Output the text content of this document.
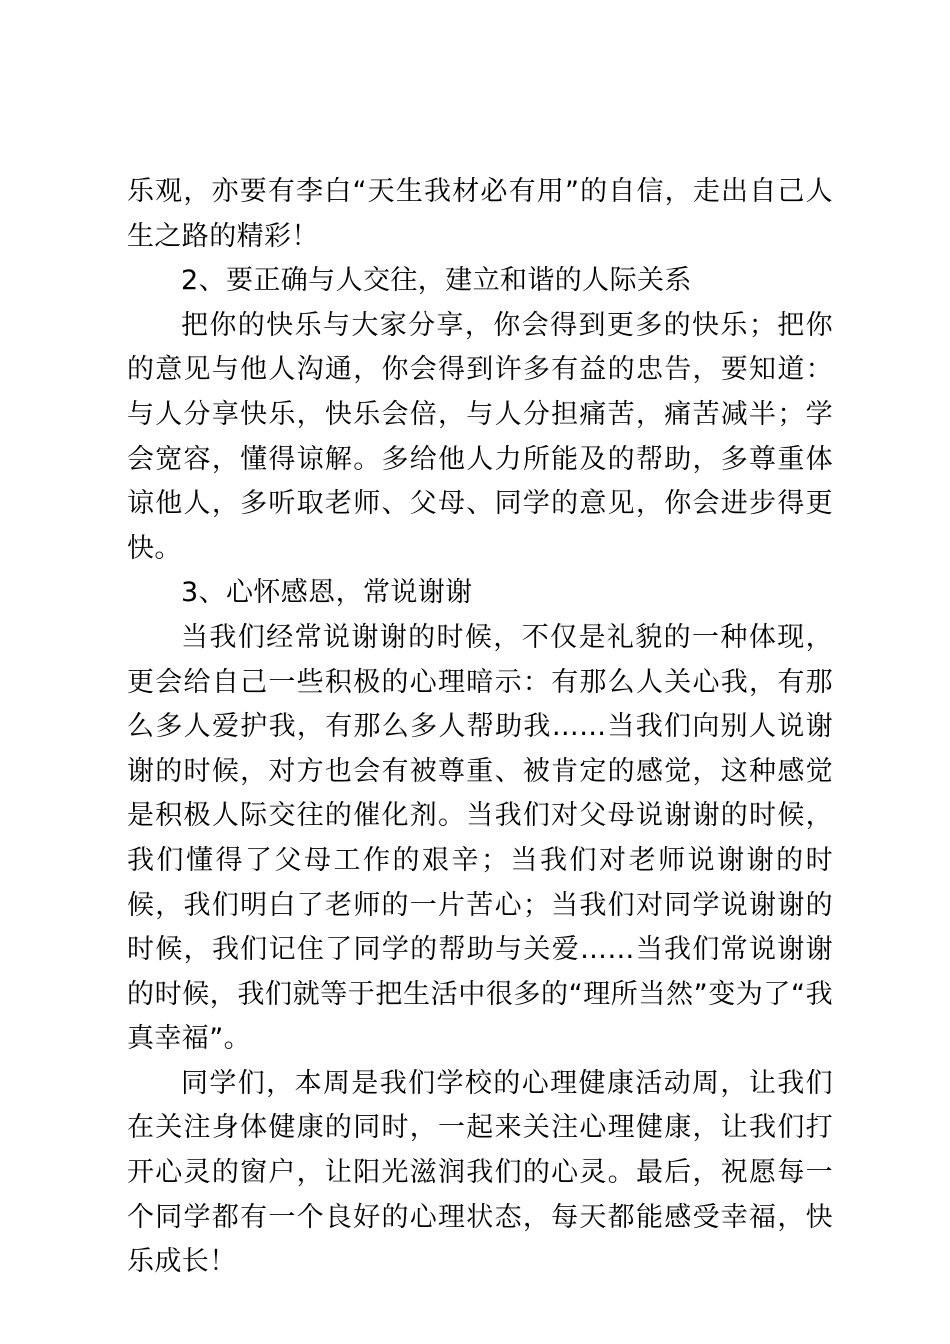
乐观，亦要有李白“天生我材必有用”的自信，走出自己人生之路的精彩！

2、要正确与人交往，建立和谐的人际关系

把你的快乐与大家分享，你会得到更多的快乐；把你的意见与他人沟通，你会得到许多有益的忠告，要知道：与人分享快乐，快乐会倍，与人分担痛苦，痛苦减半；学会宽容，懂得谅解。多给他人力所能及的帮助，多尊重体谅他人，多听取老师、父母、同学的意见，你会进步得更快。

3、心怀感恩，常说谢谢

当我们经常说谢谢的时候，不仅是礼貌的一种体现，更会给自己一些积极的心理暗示：有那么人关心我，有那么多人爱护我，有那么多人帮助我……当我们向别人说谢谢的时候，对方也会有被尊重、被肯定的感觉，这种感觉是积极人际交往的催化剂。当我们对父母说谢谢的时候，我们懂得了父母工作的艰辛；当我们对老师说谢谢的时候，我们明白了老师的一片苦心；当我们对同学说谢谢的时候，我们记住了同学的帮助与关爱……当我们常说谢谢的时候，我们就等于把生活中很多的“理所当然”变为了“我真幸福”。

同学们，本周是我们学校的心理健康活动周，让我们在关注身体健康的同时，一起来关注心理健康，让我们打开心灵的窗户，让阳光滋润我们的心灵。最后，祝愿每一个同学都有一个良好的心理状态，每天都能感受幸福，快乐成长！
